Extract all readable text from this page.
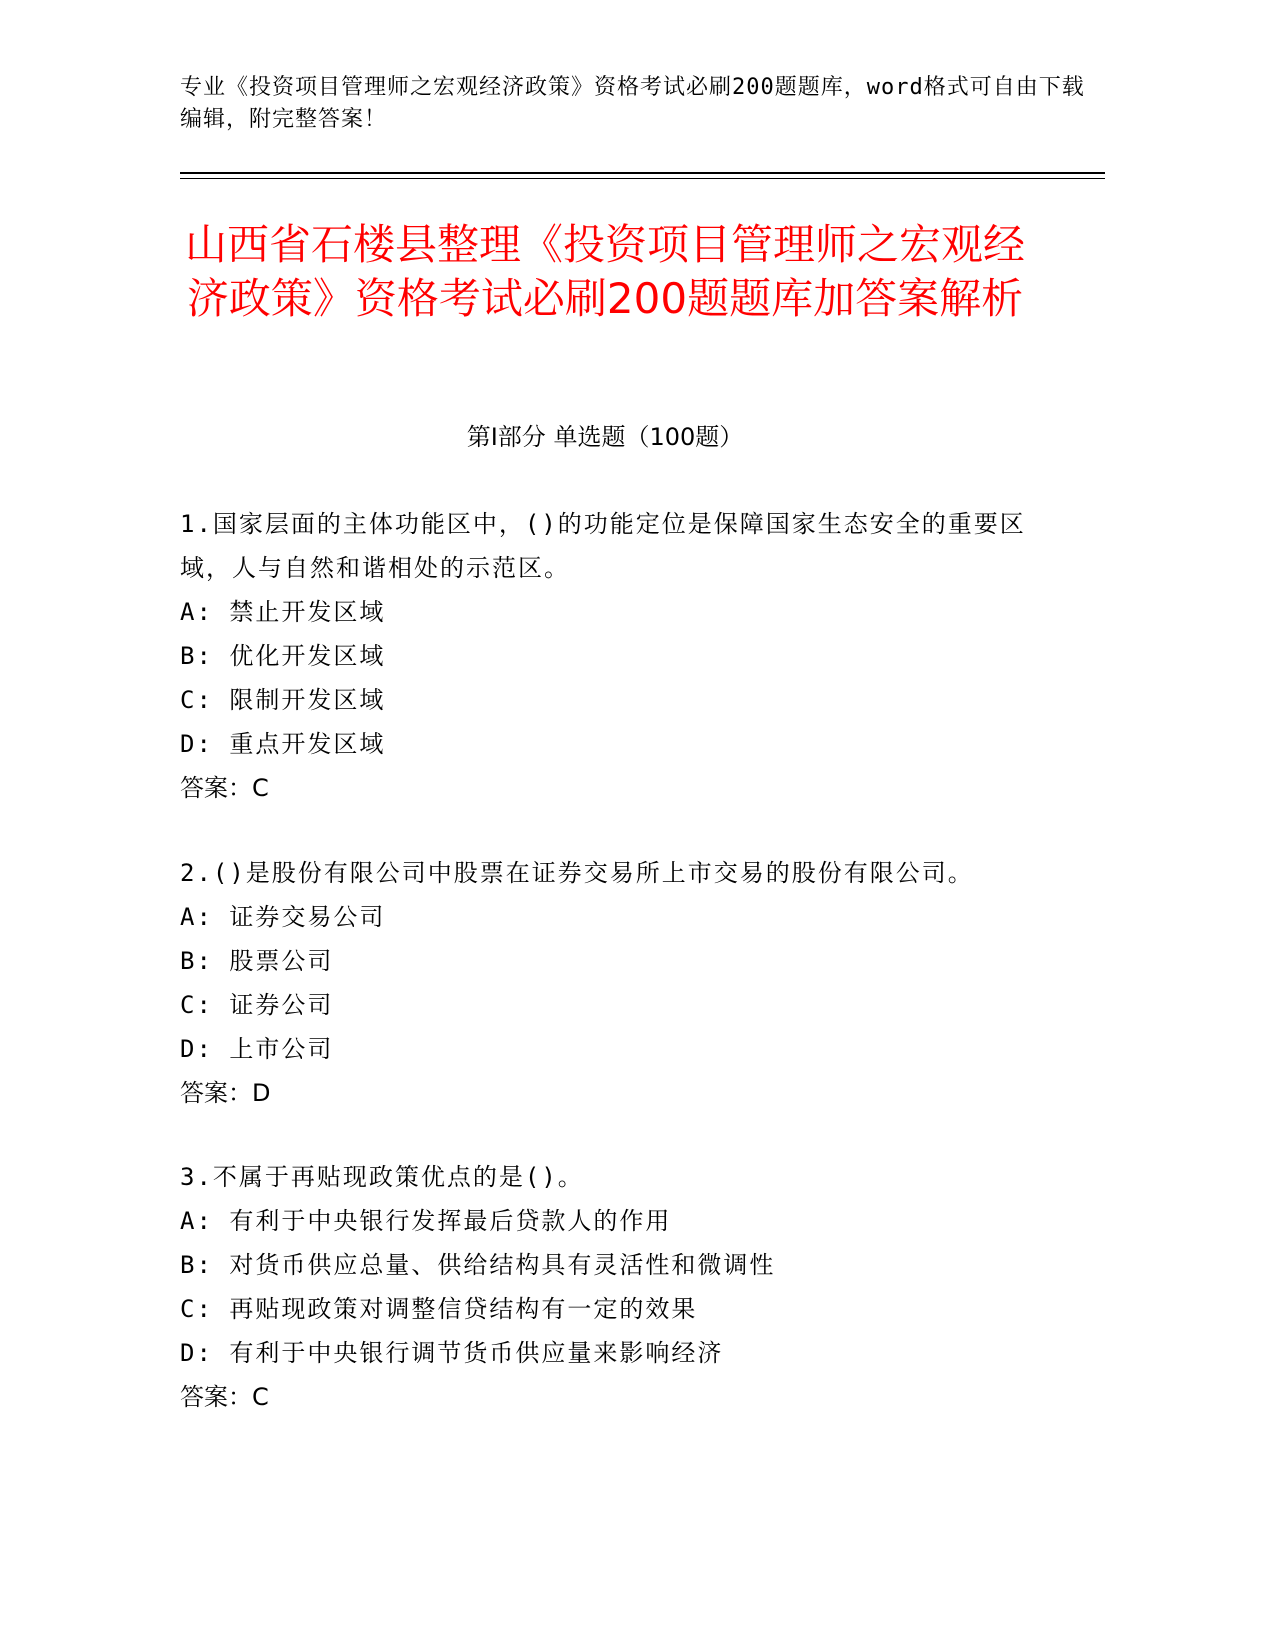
专业《投资项目管理师之宏观经济政策》资格考试必刷200题题库，word格式可自由下载编辑，附完整答案！
山西省石楼县整理《投资项目管理师之宏观经济政策》资格考试必刷200题题库加答案解析
第I部分 单选题（100题）
1.国家层面的主体功能区中，()的功能定位是保障国家生态安全的重要区域，人与自然和谐相处的示范区。
A: 禁止开发区域
B: 优化开发区域
C: 限制开发区域
D: 重点开发区域
答案：C
2.()是股份有限公司中股票在证券交易所上市交易的股份有限公司。
A: 证券交易公司
B: 股票公司
C: 证券公司
D: 上市公司
答案：D
3.不属于再贴现政策优点的是()。
A: 有利于中央银行发挥最后贷款人的作用
B: 对货币供应总量、供给结构具有灵活性和微调性
C: 再贴现政策对调整信贷结构有一定的效果
D: 有利于中央银行调节货币供应量来影响经济
答案：C
